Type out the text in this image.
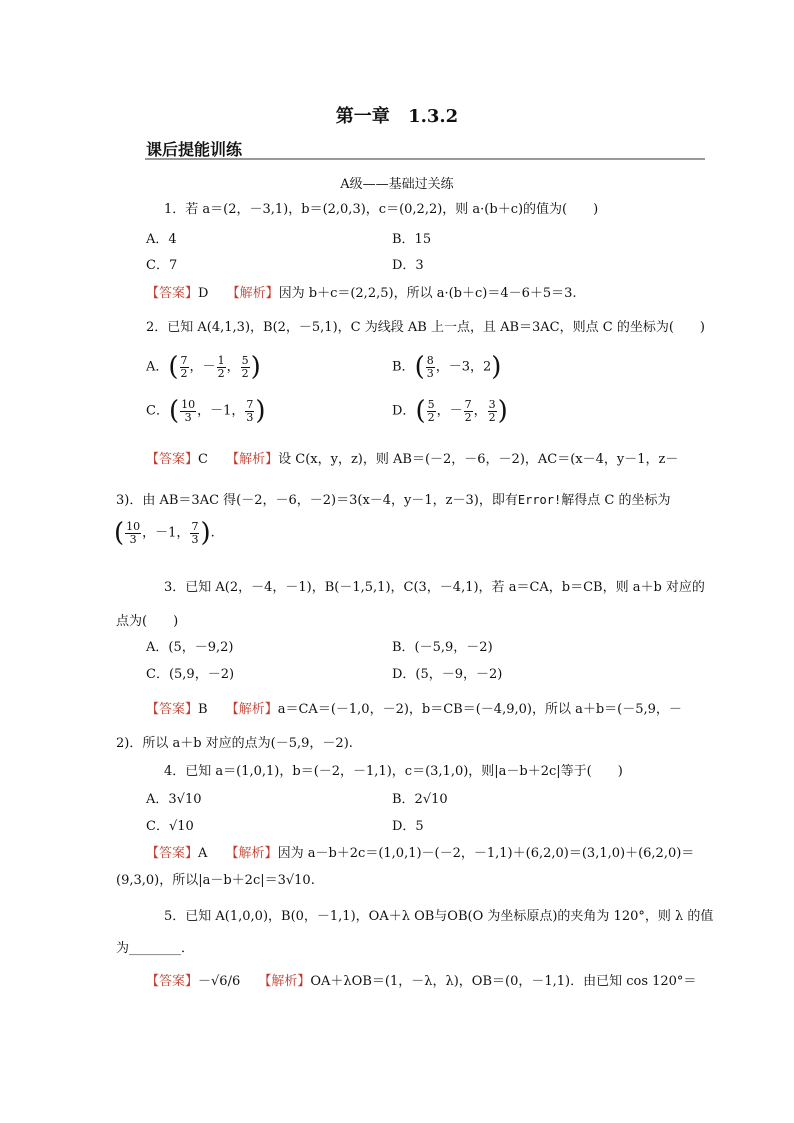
第一章 1.3.2
课后提能训练
A级——基础过关练
1．若 a＝(2，－3,1)，b＝(2,0,3)，c＝(0,2,2)，则 a·(b＋c)的值为(　　)
A．4	B．15
C．7	D．3
【答案】D 【解析】因为 b＋c＝(2,2,5)，所以 a·(b＋c)＝4－6＋5＝3.
2．已知 A(4,1,3)，B(2，－5,1)，C 为线段 AB 上一点，且 AB＝3AC，则点 C 的坐标为(　　)
A．( $\frac{7}{2}$ ，－ $\frac{1}{2}$ ， $\frac{5}{2}$ )	B．( $\frac{8}{3}$ ，－3，2)
C．( $\frac{10}{3}$ ，－1， $\frac{7}{3}$ )	D．( $\frac{5}{2}$ ，－ $\frac{7}{2}$ ， $\frac{3}{2}$ )
【答案】C 【解析】设 C(x，y，z)，则 AB＝(－2，－6，－2)，AC＝(x－4，y－1，z－
3)．由 AB＝3AC 得(－2，－6，－2)＝3(x－4，y－1，z－3)，即有Error!解得点 C 的坐标为
( $\frac{10}{3}$ ，－1， $\frac{7}{3}$ ).
3．已知 A(2，－4，－1)，B(－1,5,1)，C(3，－4,1)，若 a＝CA，b＝CB，则 a＋b 对应的
点为(　　)
A．(5，－9,2)	B．(－5,9，－2)
C．(5,9，－2)	D．(5，－9，－2)
【答案】B 【解析】a＝CA＝(－1,0，－2)，b＝CB＝(－4,9,0)，所以 a＋b＝(－5,9，－
2)．所以 a＋b 对应的点为(－5,9，－2).
4．已知 a＝(1,0,1)，b＝(－2，－1,1)，c＝(3,1,0)，则|a－b＋2c|等于(　　)
A．3√10	B．2√10
C．√10	D．5
【答案】A 【解析】因为 a－b＋2c＝(1,0,1)－(－2，－1,1)＋(6,2,0)＝(3,1,0)＋(6,2,0)＝
(9,3,0)，所以|a－b＋2c|＝3√10.
5．已知 A(1,0,0)，B(0，－1,1)，OA＋λ OB与OB(O 为坐标原点)的夹角为 120°，则 λ 的值
为________．
【答案】－√6/6 【解析】OA＋λOB＝(1，－λ，λ)，OB＝(0，－1,1)．由已知 cos 120°＝
